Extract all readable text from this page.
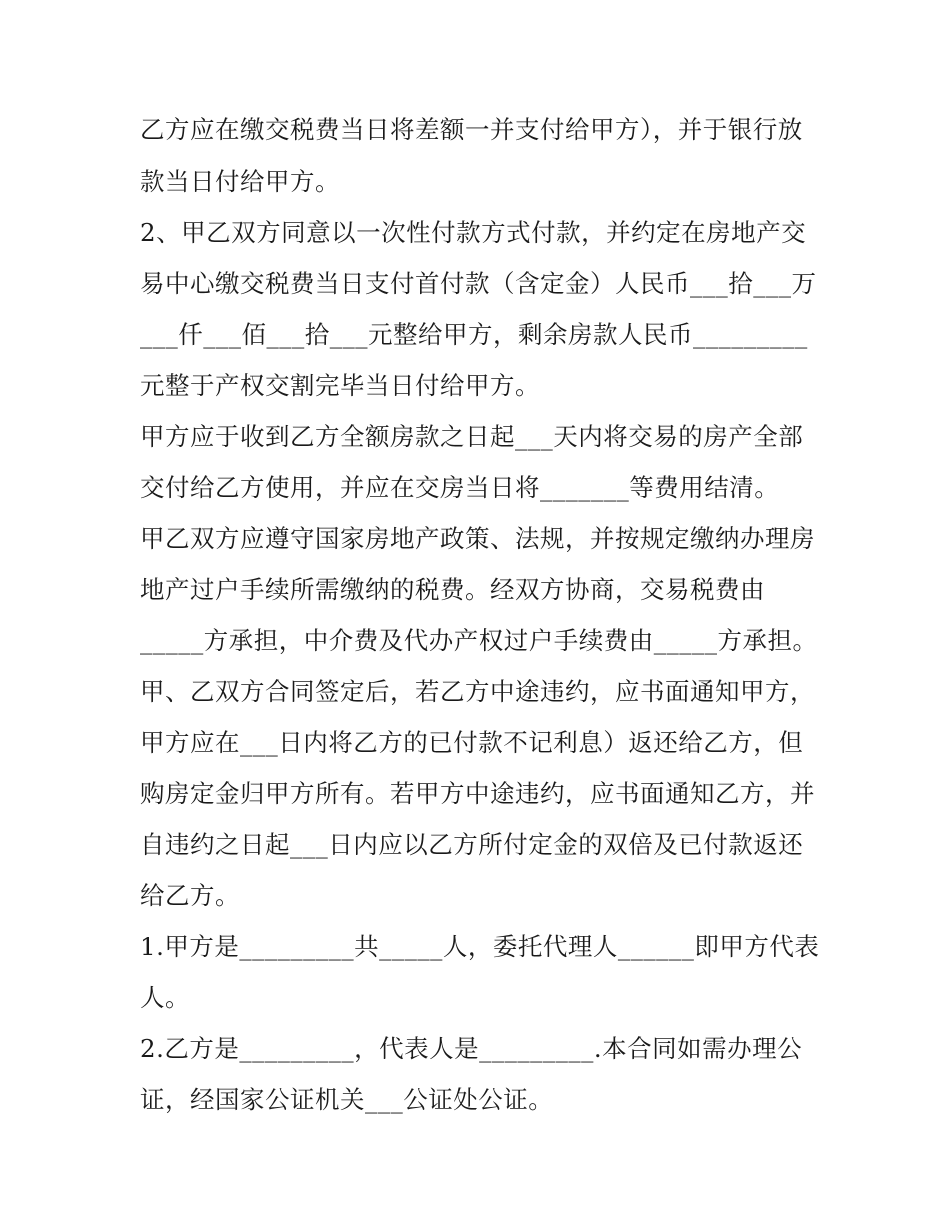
乙方应在缴交税费当日将差额一并支付给甲方），并于银行放
款当日付给甲方。
2、甲乙双方同意以一次性付款方式付款，并约定在房地产交
易中心缴交税费当日支付首付款（含定金）人民币___拾___万
___仟___佰___拾___元整给甲方，剩余房款人民币_________
元整于产权交割完毕当日付给甲方。
甲方应于收到乙方全额房款之日起___天内将交易的房产全部
交付给乙方使用，并应在交房当日将_______等费用结清。
甲乙双方应遵守国家房地产政策、法规，并按规定缴纳办理房
地产过户手续所需缴纳的税费。经双方协商，交易税费由
_____方承担，中介费及代办产权过户手续费由_____方承担。
甲、乙双方合同签定后，若乙方中途违约，应书面通知甲方，
甲方应在___日内将乙方的已付款不记利息）返还给乙方，但
购房定金归甲方所有。若甲方中途违约，应书面通知乙方，并
自违约之日起___日内应以乙方所付定金的双倍及已付款返还
给乙方。
1.甲方是_________共_____人，委托代理人______即甲方代表
人。
2.乙方是_________，代表人是_________.本合同如需办理公
证，经国家公证机关___公证处公证。
